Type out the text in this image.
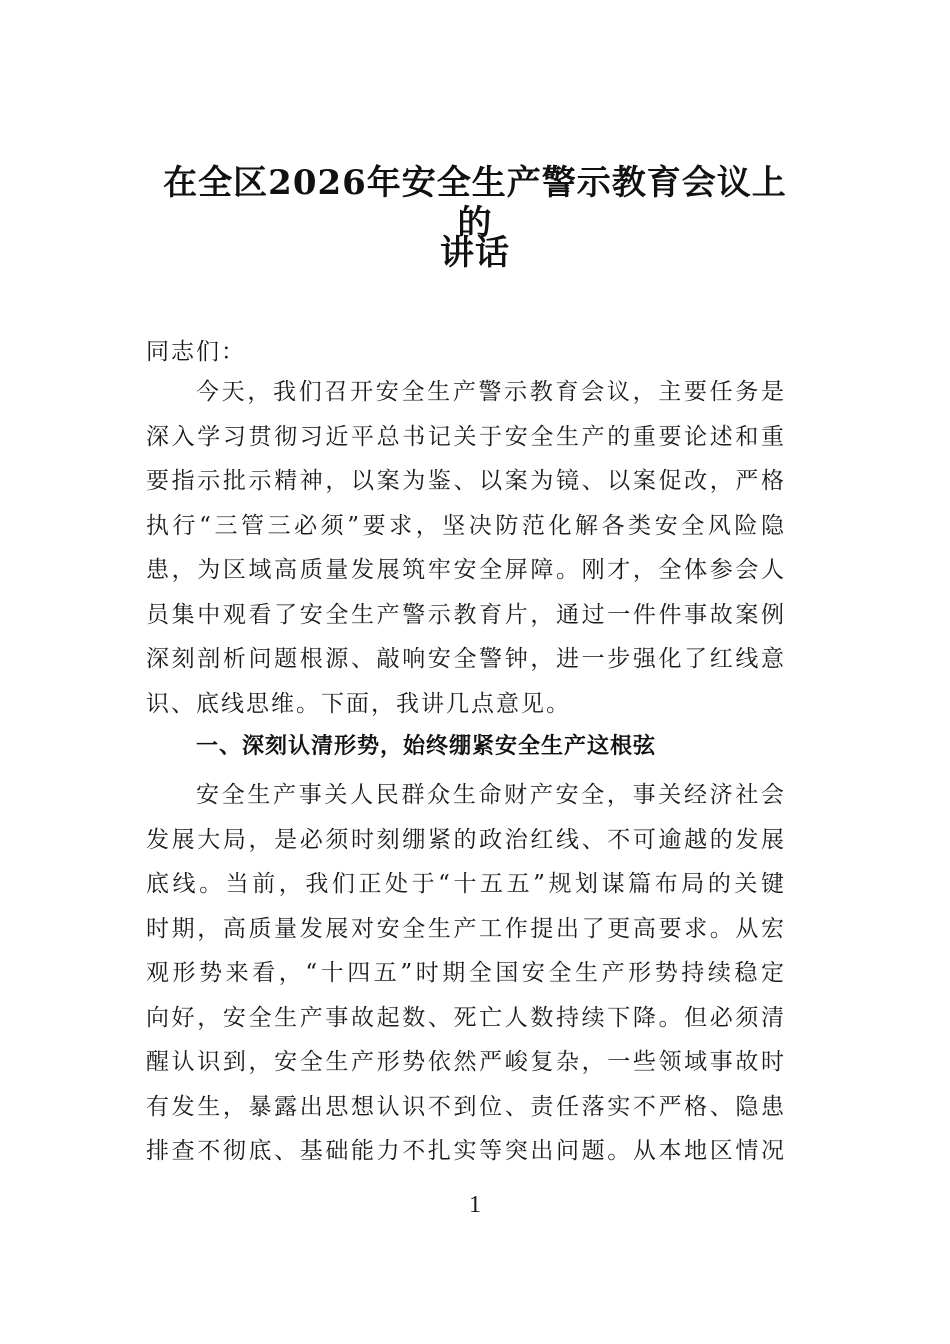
在全区2026年安全生产警示教育会议上的
讲话
同志们：
今天，我们召开安全生产警示教育会议，主要任务是
深入学习贯彻习近平总书记关于安全生产的重要论述和重
要指示批示精神，以案为鉴、以案为镜、以案促改，严格
执行“三管三必须”要求，坚决防范化解各类安全风险隐
患，为区域高质量发展筑牢安全屏障。刚才，全体参会人
员集中观看了安全生产警示教育片，通过一件件事故案例
深刻剖析问题根源、敲响安全警钟，进一步强化了红线意
识、底线思维。下面，我讲几点意见。
一、深刻认清形势，始终绷紧安全生产这根弦
安全生产事关人民群众生命财产安全，事关经济社会
发展大局，是必须时刻绷紧的政治红线、不可逾越的发展
底线。当前，我们正处于“十五五”规划谋篇布局的关键
时期，高质量发展对安全生产工作提出了更高要求。从宏
观形势来看，“十四五”时期全国安全生产形势持续稳定
向好，安全生产事故起数、死亡人数持续下降。但必须清
醒认识到，安全生产形势依然严峻复杂，一些领域事故时
有发生，暴露出思想认识不到位、责任落实不严格、隐患
排查不彻底、基础能力不扎实等突出问题。从本地区情况
1
